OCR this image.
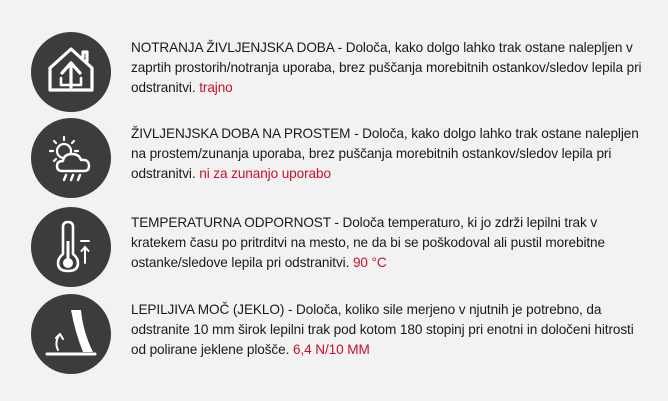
NOTRANJA ŽIVLJENJSKA DOBA - Določa, kako dolgo lahko trak ostane nalepljen v zaprtih prostorih/notranja uporaba, brez puščanja morebitnih ostankov/sledov lepila pri odstranitvi. trajno
ŽIVLJENJSKA DOBA NA PROSTEM - Določa, kako dolgo lahko trak ostane nalepljen na prostem/zunanja uporaba, brez puščanja morebitnih ostankov/sledov lepila pri odstranitvi. ni za zunanjo uporabo
TEMPERATURNA ODPORNOST - Določa temperaturo, ki jo zdrži lepilni trak v kratekem času po pritrditvi na mesto, ne da bi se poškodoval ali pustil morebitne ostanke/sledove lepila pri odstranitvi. 90 °C
LEPILJIVA MOČ (JEKLO) - Določa, koliko sile merjeno v njutnih je potrebno, da odstranite 10 mm širok lepilni trak pod kotom 180 stopinj pri enotni in določeni hitrosti od polirane jeklene plošče. 6,4 N/10 MM
